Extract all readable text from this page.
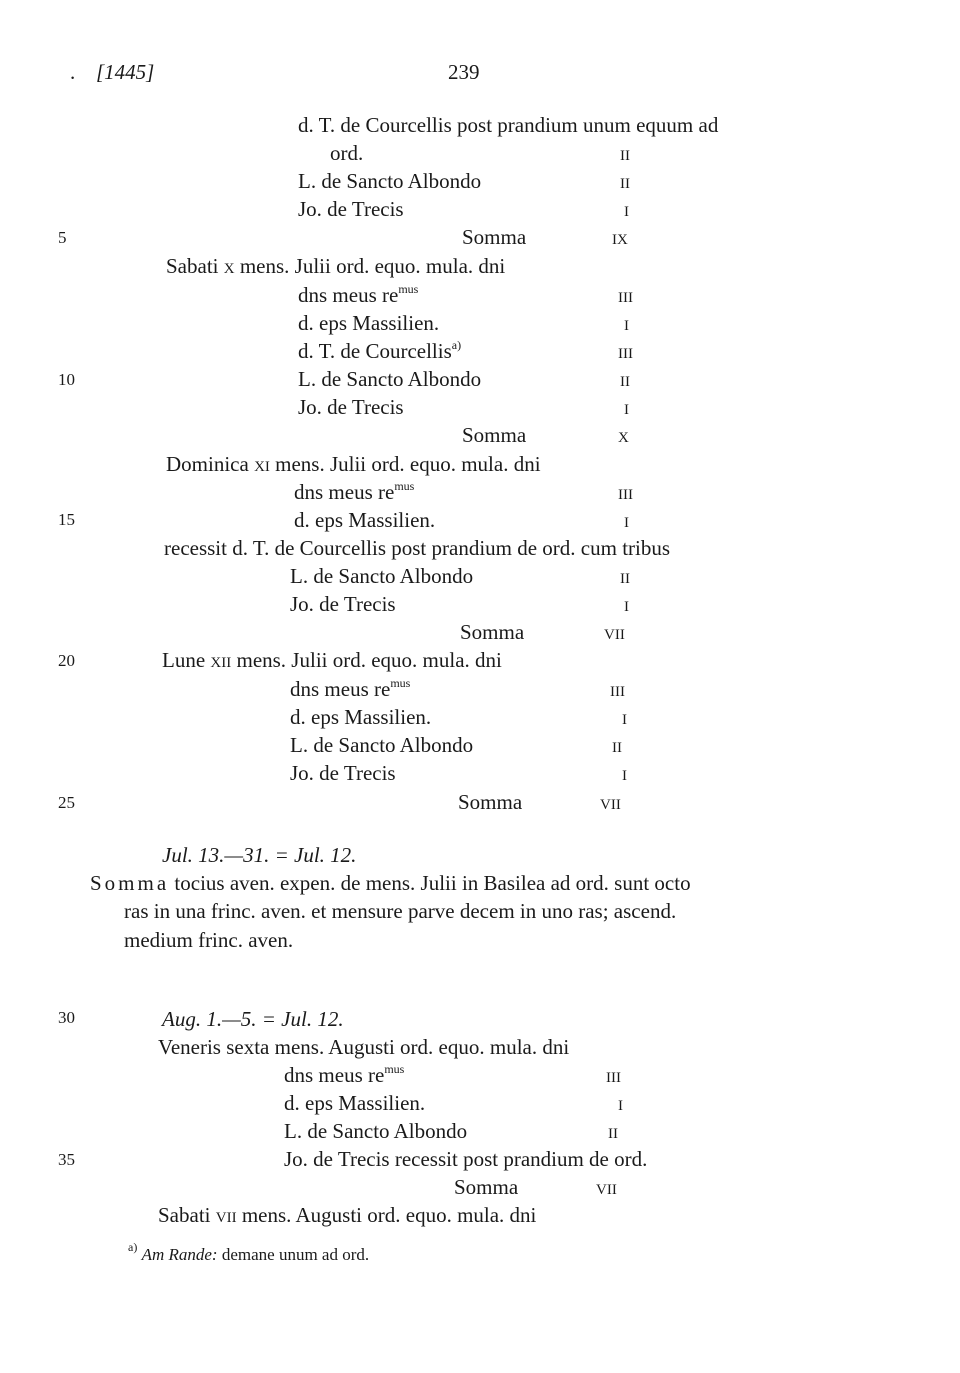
. [1445]	239
5
10
15
20
25
30
35
d. T. de Courcellis post prandium unum equum ad
ord.	ii
L. de Sancto Albondo	ii
Jo. de Trecis	i
Somma	ix
Sabati x mens. Julii ord. equo. mula. dni
dns meus $re^{mus}$	iii
d. eps Massilien.	i
d. T. de Courcellis$^{a)}$	iii
L. de Sancto Albondo	ii
Jo. de Trecis	i
Somma	x
Dominica xi mens. Julii ord. equo. mula. dni
dns meus $re^{mus}$	iii
d. eps Massilien.	i
recessit d. T. de Courcellis post prandium de ord. cum tribus
L. de Sancto Albondo	ii
Jo. de Trecis	i
Somma	vii
Lune xii mens. Julii ord. equo. mula. dni
dns meus $re^{mus}$	iii
d. eps Massilien.	i
L. de Sancto Albondo	ii
Jo. de Trecis	i
Somma	vii
Jul. 13.—31. = Jul. 12.
Somma tocius aven. expen. de mens. Julii in Basilea ad ord. sunt octo
ras in una frinc. aven. et mensure parve decem in uno ras; ascend.
medium frinc. aven.
Aug. 1.—5. = Jul. 12.
Veneris sexta mens. Augusti ord. equo. mula. dni
dns meus $re^{mus}$	iii
d. eps Massilien.	i
L. de Sancto Albondo	ii
Jo. de Trecis recessit post prandium de ord.
Somma	vii
Sabati vii mens. Augusti ord. equo. mula. dni
$^{a)}$ Am Rande: demane unum ad ord.
